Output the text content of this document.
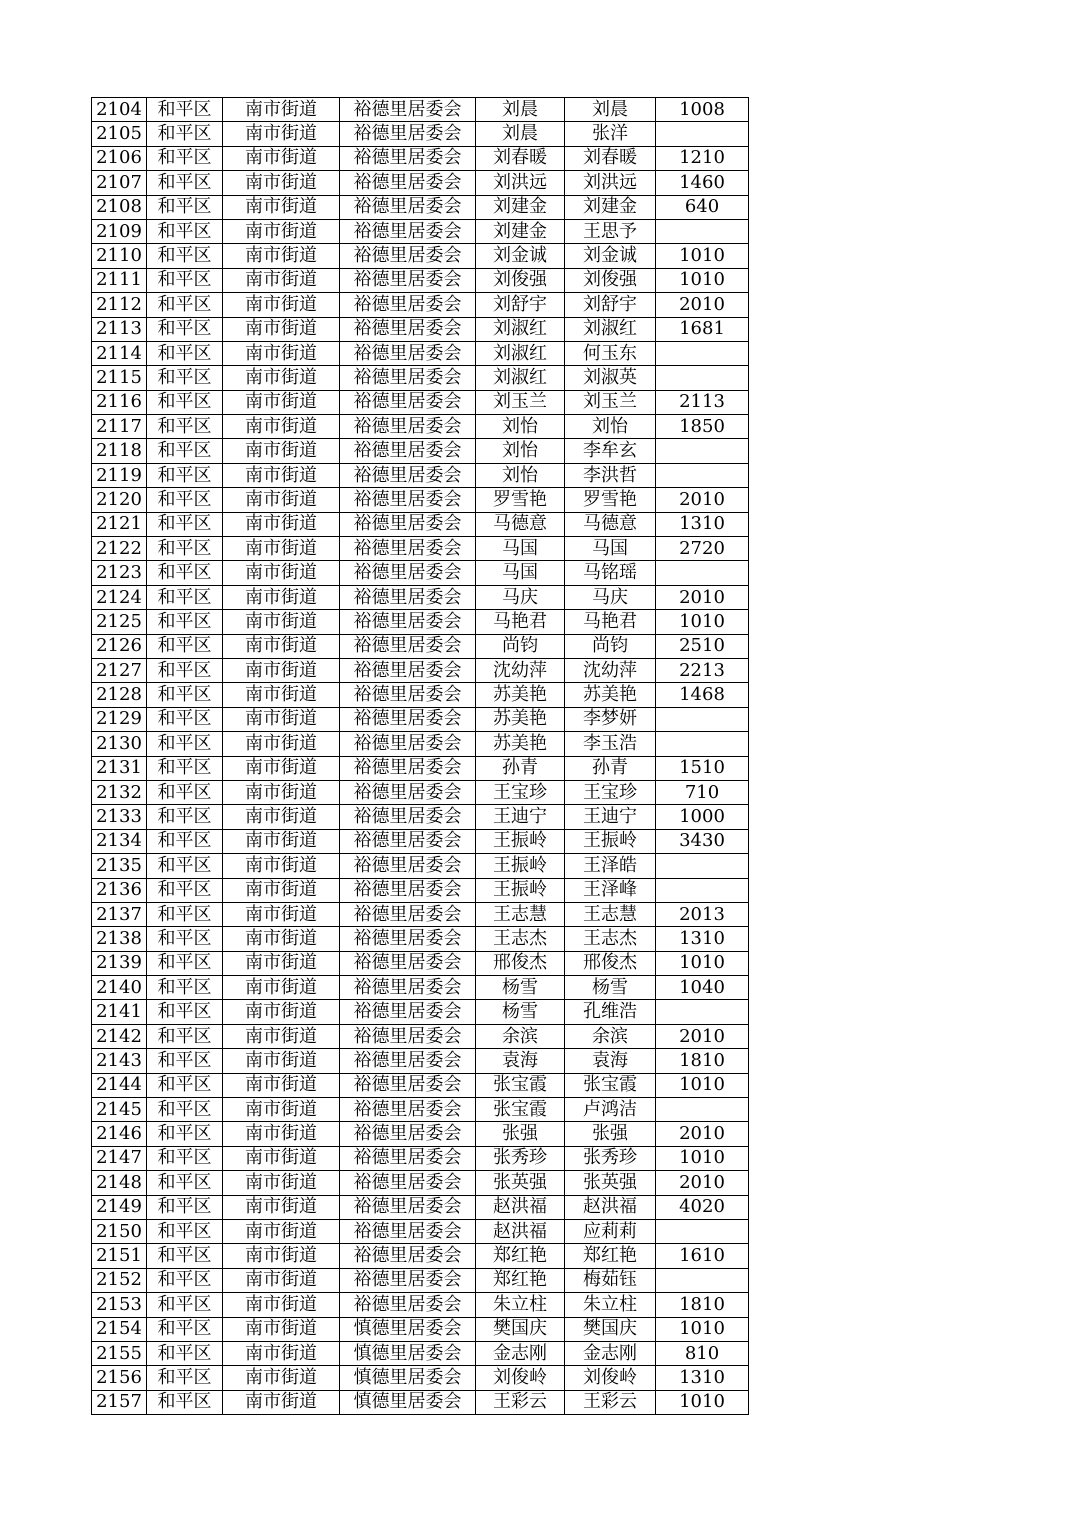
2104	和平区	南市街道	裕德里居委会	刘晨	刘晨	1008
2105	和平区	南市街道	裕德里居委会	刘晨	张洋	
2106	和平区	南市街道	裕德里居委会	刘春暖	刘春暖	1210
2107	和平区	南市街道	裕德里居委会	刘洪远	刘洪远	1460
2108	和平区	南市街道	裕德里居委会	刘建金	刘建金	640
2109	和平区	南市街道	裕德里居委会	刘建金	王思予	
2110	和平区	南市街道	裕德里居委会	刘金诚	刘金诚	1010
2111	和平区	南市街道	裕德里居委会	刘俊强	刘俊强	1010
2112	和平区	南市街道	裕德里居委会	刘舒宇	刘舒宇	2010
2113	和平区	南市街道	裕德里居委会	刘淑红	刘淑红	1681
2114	和平区	南市街道	裕德里居委会	刘淑红	何玉东	
2115	和平区	南市街道	裕德里居委会	刘淑红	刘淑英	
2116	和平区	南市街道	裕德里居委会	刘玉兰	刘玉兰	2113
2117	和平区	南市街道	裕德里居委会	刘怡	刘怡	1850
2118	和平区	南市街道	裕德里居委会	刘怡	李牟玄	
2119	和平区	南市街道	裕德里居委会	刘怡	李洪哲	
2120	和平区	南市街道	裕德里居委会	罗雪艳	罗雪艳	2010
2121	和平区	南市街道	裕德里居委会	马德意	马德意	1310
2122	和平区	南市街道	裕德里居委会	马国	马国	2720
2123	和平区	南市街道	裕德里居委会	马国	马铭瑶	
2124	和平区	南市街道	裕德里居委会	马庆	马庆	2010
2125	和平区	南市街道	裕德里居委会	马艳君	马艳君	1010
2126	和平区	南市街道	裕德里居委会	尚钧	尚钧	2510
2127	和平区	南市街道	裕德里居委会	沈幼萍	沈幼萍	2213
2128	和平区	南市街道	裕德里居委会	苏美艳	苏美艳	1468
2129	和平区	南市街道	裕德里居委会	苏美艳	李梦妍	
2130	和平区	南市街道	裕德里居委会	苏美艳	李玉浩	
2131	和平区	南市街道	裕德里居委会	孙青	孙青	1510
2132	和平区	南市街道	裕德里居委会	王宝珍	王宝珍	710
2133	和平区	南市街道	裕德里居委会	王迪宁	王迪宁	1000
2134	和平区	南市街道	裕德里居委会	王振岭	王振岭	3430
2135	和平区	南市街道	裕德里居委会	王振岭	王泽皓	
2136	和平区	南市街道	裕德里居委会	王振岭	王泽峰	
2137	和平区	南市街道	裕德里居委会	王志慧	王志慧	2013
2138	和平区	南市街道	裕德里居委会	王志杰	王志杰	1310
2139	和平区	南市街道	裕德里居委会	邢俊杰	邢俊杰	1010
2140	和平区	南市街道	裕德里居委会	杨雪	杨雪	1040
2141	和平区	南市街道	裕德里居委会	杨雪	孔维浩	
2142	和平区	南市街道	裕德里居委会	余滨	余滨	2010
2143	和平区	南市街道	裕德里居委会	袁海	袁海	1810
2144	和平区	南市街道	裕德里居委会	张宝霞	张宝霞	1010
2145	和平区	南市街道	裕德里居委会	张宝霞	卢鸿洁	
2146	和平区	南市街道	裕德里居委会	张强	张强	2010
2147	和平区	南市街道	裕德里居委会	张秀珍	张秀珍	1010
2148	和平区	南市街道	裕德里居委会	张英强	张英强	2010
2149	和平区	南市街道	裕德里居委会	赵洪福	赵洪福	4020
2150	和平区	南市街道	裕德里居委会	赵洪福	应莉莉	
2151	和平区	南市街道	裕德里居委会	郑红艳	郑红艳	1610
2152	和平区	南市街道	裕德里居委会	郑红艳	梅茹钰	
2153	和平区	南市街道	裕德里居委会	朱立柱	朱立柱	1810
2154	和平区	南市街道	慎德里居委会	樊国庆	樊国庆	1010
2155	和平区	南市街道	慎德里居委会	金志刚	金志刚	810
2156	和平区	南市街道	慎德里居委会	刘俊岭	刘俊岭	1310
2157	和平区	南市街道	慎德里居委会	王彩云	王彩云	1010
